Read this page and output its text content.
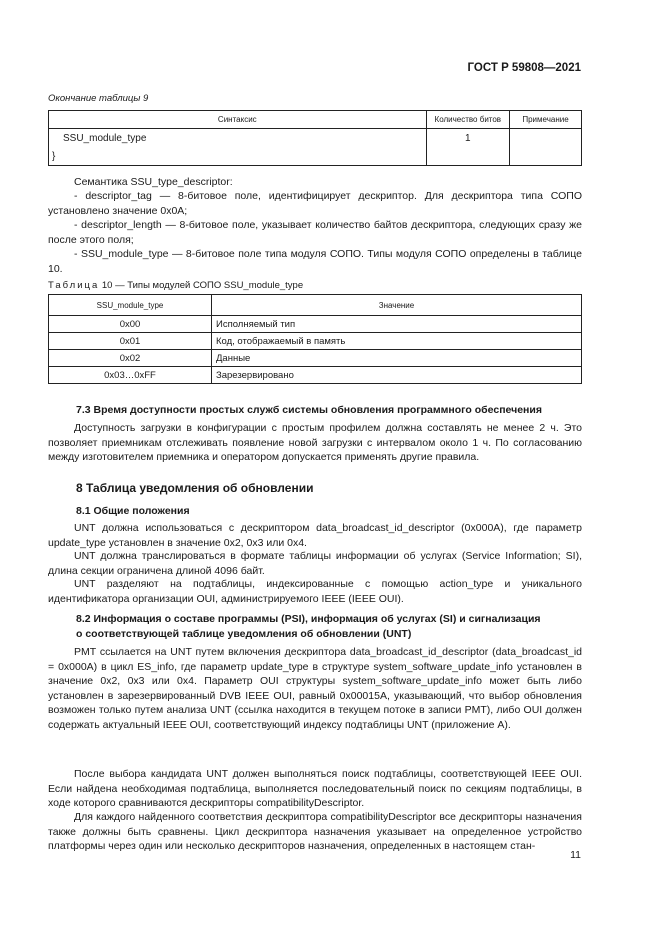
ГОСТ Р 59808—2021
Окончание таблицы 9
Синтаксис	Количество битов	Примечание
SSU_module_type	1	
}		
Семантика SSU_type_descriptor:
- descriptor_tag — 8-битовое поле, идентифицирует дескриптор. Для дескриптора типа СОПО установлено значение 0x0A;
- descriptor_length — 8-битовое поле, указывает количество байтов дескриптора, следующих сразу же после этого поля;
- SSU_module_type — 8-битовое поле типа модуля СОПО. Типы модуля СОПО определены в таблице 10.
Таблица 10 — Типы модулей СОПО SSU_module_type
SSU_module_type	Значение
0x00	Исполняемый тип
0x01	Код, отображаемый в память
0x02	Данные
0x03…0xFF	Зарезервировано
7.3 Время доступности простых служб системы обновления программного обеспечения
Доступность загрузки в конфигурации с простым профилем должна составлять не менее 2 ч. Это позволяет приемникам отслеживать появление новой загрузки с интервалом около 1 ч. По согласованию между изготовителем приемника и оператором допускается применять другие правила.
8 Таблица уведомления об обновлении
8.1 Общие положения
UNT должна использоваться с дескриптором data_broadcast_id_descriptor (0x000A), где параметр update_type установлен в значение 0x2, 0x3 или 0x4.
UNT должна транслироваться в формате таблицы информации об услугах (Service Information; SI), длина секции ограничена длиной 4096 байт.
UNT разделяют на подтаблицы, индексированные с помощью action_type и уникального идентификатора организации OUI, администрируемого IEEE (IEEE OUI).
8.2 Информация о составе программы (PSI), информация об услугах (SI) и сигнализация
о соответствующей таблице уведомления об обновлении (UNT)
PMT ссылается на UNT путем включения дескриптора data_broadcast_id_descriptor (data_broadcast_id = 0x000A) в цикл ES_info, где параметр update_type в структуре system_software_update_info установлен в значение 0x2, 0x3 или 0x4. Параметр OUI структуры system_software_update_info может быть либо установлен в зарезервированный DVB IEEE OUI, равный 0x00015A, указывающий, что выбор обновления возможен только путем анализа UNT (ссылка находится в текущем потоке в записи PMT), либо OUI должен содержать актуальный IEEE OUI, соответствующий индексу подтаблицы UNT (приложение А).
После выбора кандидата UNT должен выполняться поиск подтаблицы, соответствующей IEEE OUI. Если найдена необходимая подтаблица, выполняется последовательный поиск по секциям подтаблицы, в ходе которого сравниваются дескрипторы compatibilityDescriptor.
Для каждого найденного соответствия дескриптора compatibilityDescriptor все дескрипторы назначения также должны быть сравнены. Цикл дескриптора назначения указывает на определенное устройство платформы через один или несколько дескрипторов назначения, определенных в настоящем стан-
11
